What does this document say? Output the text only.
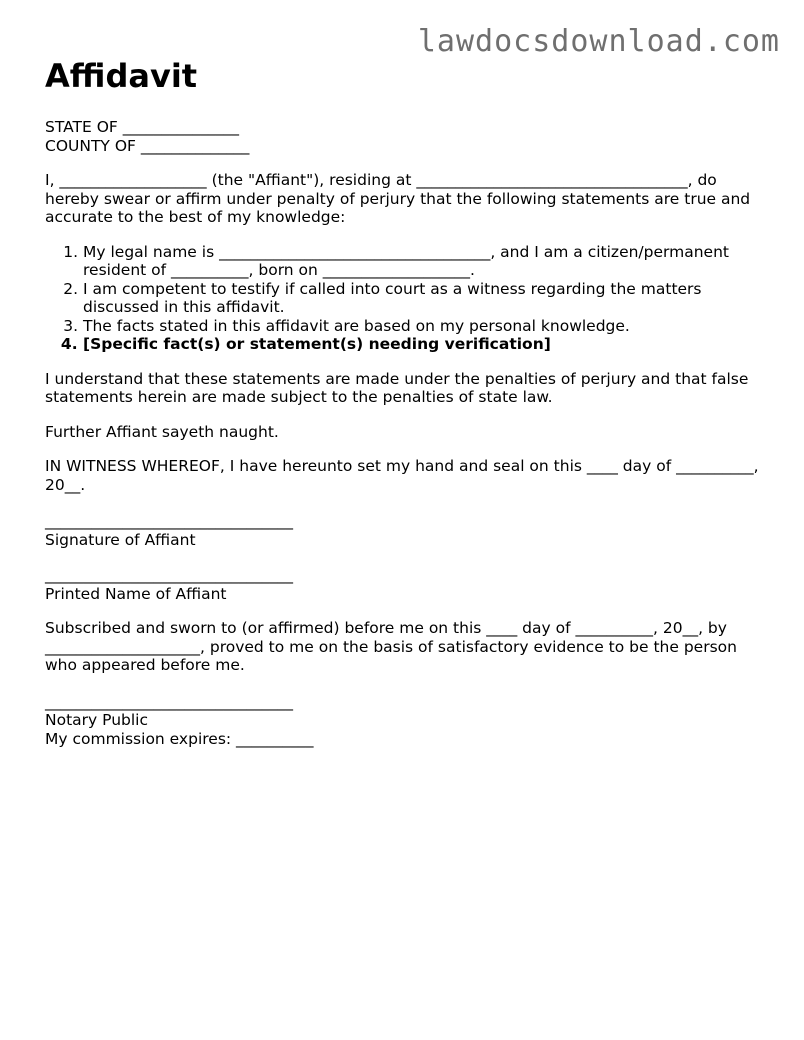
lawdocsdownload.com
Affidavit

STATE OF _______________

COUNTY OF ______________

I, ___________________ (the "Affiant"), residing at ___________________________________, do hereby swear or affirm under penalty of perjury that the following statements are true and accurate to the best of my knowledge:

1. My legal name is ___________________________________, and I am a citizen/permanent resident of __________, born on ___________________.
2. I am competent to testify if called into court as a witness regarding the matters discussed in this affidavit.
3. The facts stated in this affidavit are based on my personal knowledge.
4. [Specific fact(s) or statement(s) needing verification]

I understand that these statements are made under the penalties of perjury and that false statements herein are made subject to the penalties of state law.

Further Affiant sayeth naught.

IN WITNESS WHEREOF, I have hereunto set my hand and seal on this ____ day of __________, 20__.

________________________________

Signature of Affiant

________________________________

Printed Name of Affiant

Subscribed and sworn to (or affirmed) before me on this ____ day of __________, 20__, by ____________________, proved to me on the basis of satisfactory evidence to be the person who appeared before me.

________________________________

Notary Public

My commission expires: __________
